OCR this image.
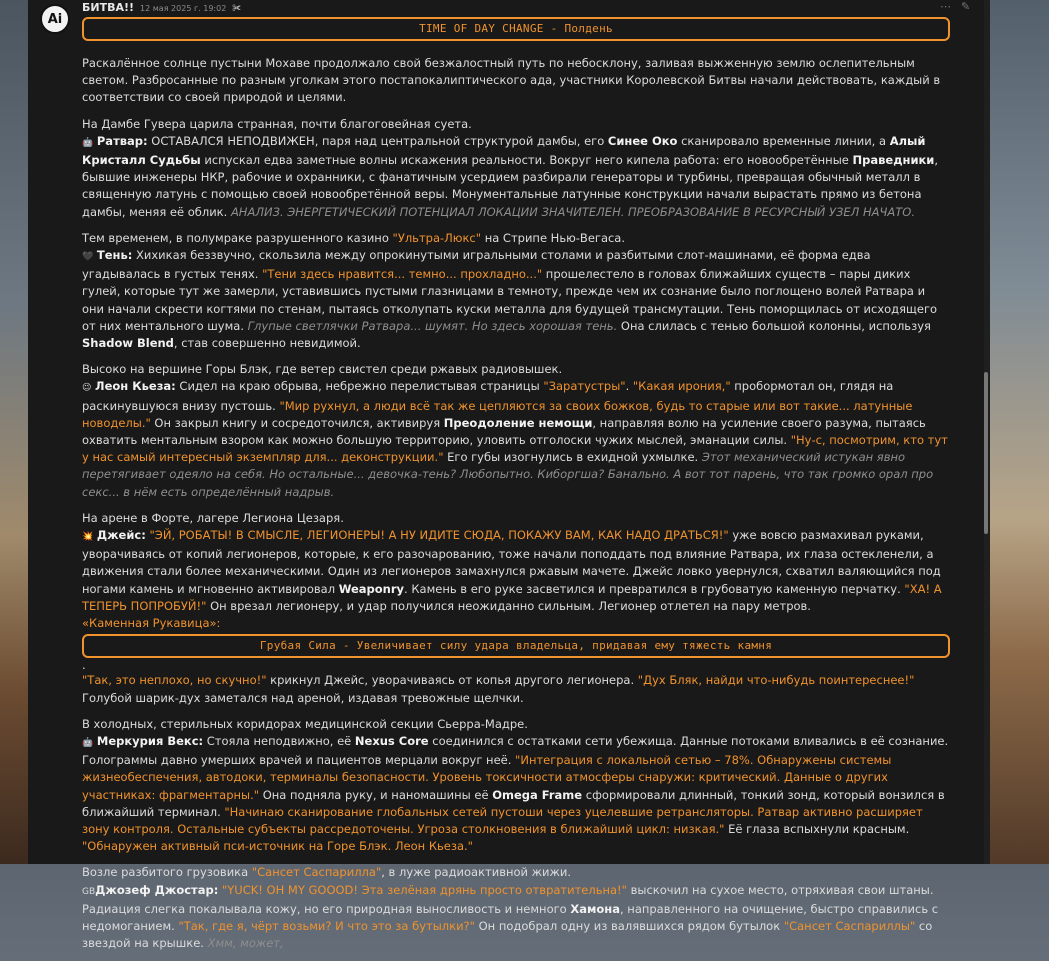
Ai
БИТВА!! 12 мая 2025 г. 19:02 ✀	⋯ ✎
TIME OF DAY CHANGE - Полдень

Раскалённое солнце пустыни Мохаве продолжало свой безжалостный путь по небосклону, заливая выжженную землю ослепительным светом. Разбросанные по разным уголкам этого постапокалиптического ада, участники Королевской Битвы начали действовать, каждый в соответствии со своей природой и целями.

На Дамбе Гувера царила странная, почти благоговейная суета.
🤖 Ратвар: ОСТАВАЛСЯ НЕПОДВИЖЕН, паря над центральной структурой дамбы, его Синее Око сканировало временные линии, а Алый Кристалл Судьбы испускал едва заметные волны искажения реальности. Вокруг него кипела работа: его новообретённые Праведники, бывшие инженеры НКР, рабочие и охранники, с фанатичным усердием разбирали генераторы и турбины, превращая обычный металл в священную латунь с помощью своей новообретённой веры. Монументальные латунные конструкции начали вырастать прямо из бетона дамбы, меняя её облик. АНАЛИЗ. ЭНЕРГЕТИЧЕСКИЙ ПОТЕНЦИАЛ ЛОКАЦИИ ЗНАЧИТЕЛЕН. ПРЕОБРАЗОВАНИЕ В РЕСУРСНЫЙ УЗЕЛ НАЧАТО.

Тем временем, в полумраке разрушенного казино "Ультра-Люкс" на Стрипе Нью-Вегаса.
🖤 Тень: Хихикая беззвучно, скользила между опрокинутыми игральными столами и разбитыми слот-машинами, её форма едва угадывалась в густых тенях. "Тени здесь нравится... темно... прохладно..." прошелестело в головах ближайших существ – пары диких гулей, которые тут же замерли, уставившись пустыми глазницами в темноту, прежде чем их сознание было поглощено волей Ратвара и они начали скрести когтями по стенам, пытаясь отколупать куски металла для будущей трансмутации. Тень поморщилась от исходящего от них ментального шума. Глупые светлячки Ратвара... шумят. Но здесь хорошая тень. Она слилась с тенью большой колонны, используя Shadow Blend, став совершенно невидимой.

Высоко на вершине Горы Блэк, где ветер свистел среди ржавых радиовышек.
😉 Леон Кьеза: Сидел на краю обрыва, небрежно перелистывая страницы "Заратустры". "Какая ирония," пробормотал он, глядя на раскинувшуюся внизу пустошь. "Мир рухнул, а люди всё так же цепляются за своих божков, будь то старые или вот такие... латунные новоделы." Он закрыл книгу и сосредоточился, активируя Преодоление немощи, направляя волю на усиление своего разума, пытаясь охватить ментальным взором как можно большую территорию, уловить отголоски чужих мыслей, эманации силы. "Ну-с, посмотрим, кто тут у нас самый интересный экземпляр для... деконструкции." Его губы изогнулись в ехидной ухмылке. Этот механический истукан явно перетягивает одеяло на себя. Но остальные... девочка-тень? Любопытно. Киборгша? Банально. А вот тот парень, что так громко орал про секс... в нём есть определённый надрыв.

На арене в Форте, лагере Легиона Цезаря.
💥 Джейс: "ЭЙ, РОБАТЫ! В СМЫСЛЕ, ЛЕГИОНЕРЫ! А НУ ИДИТЕ СЮДА, ПОКАЖУ ВАМ, КАК НАДО ДРАТЬСЯ!" уже вовсю размахивал руками, уворачиваясь от копий легионеров, которые, к его разочарованию, тоже начали поподдать под влияние Ратвара, их глаза остекленели, а движения стали более механическими. Один из легионеров замахнулся ржавым мачете. Джейс ловко увернулся, схватил валяющийся под ногами камень и мгновенно активировал Weaponry. Камень в его руке засветился и превратился в грубоватую каменную перчатку. "ХА! А ТЕПЕРЬ ПОПРОБУЙ!" Он врезал легионеру, и удар получился неожиданно сильным. Легионер отлетел на пару метров.
«Каменная Рукавица»:

Грубая Сила - Увеличивает силу удара владельца, придавая ему тяжесть камня

.

"Так, это неплохо, но скучно!" крикнул Джейс, уворачиваясь от копья другого легионера. "Дух Бляк, найди что-нибудь поинтереснее!" Голубой шарик-дух заметался над ареной, издавая тревожные щелчки.

В холодных, стерильных коридорах медицинской секции Сьерра-Мадре.
🤖 Меркурия Векс: Стояла неподвижно, её Nexus Core соединился с остатками сети убежища. Данные потоками вливались в её сознание. Голограммы давно умерших врачей и пациентов мерцали вокруг неё. "Интеграция с локальной сетью – 78%. Обнаружены системы жизнеобеспечения, автодоки, терминалы безопасности. Уровень токсичности атмосферы снаружи: критический. Данные о других участниках: фрагментарны." Она подняла руку, и наномашины её Omega Frame сформировали длинный, тонкий зонд, который вонзился в ближайший терминал. "Начинаю сканирование глобальных сетей пустоши через уцелевшие ретрансляторы. Ратвар активно расширяет зону контроля. Остальные субъекты рассредоточены. Угроза столкновения в ближайший цикл: низкая." Её глаза вспыхнули красным. "Обнаружен активный пси-источник на Горе Блэк. Леон Кьеза."

Возле разбитого грузовика "Сансет Саспарилла", в луже радиоактивной жижи.
GBДжозеф Джостар: "YUCK! OH MY GOOOD! Эта зелёная дрянь просто отвратительна!" выскочил на сухое место, отряхивая свои штаны. Радиация слегка покалывала кожу, но его природная выносливость и немного Хамона, направленного на очищение, быстро справились с недомоганием. "Так, где я, чёрт возьми? И что это за бутылки?" Он подобрал одну из валявшихся рядом бутылок "Сансет Саспариллы" со звездой на крышке. Хмм, может,
